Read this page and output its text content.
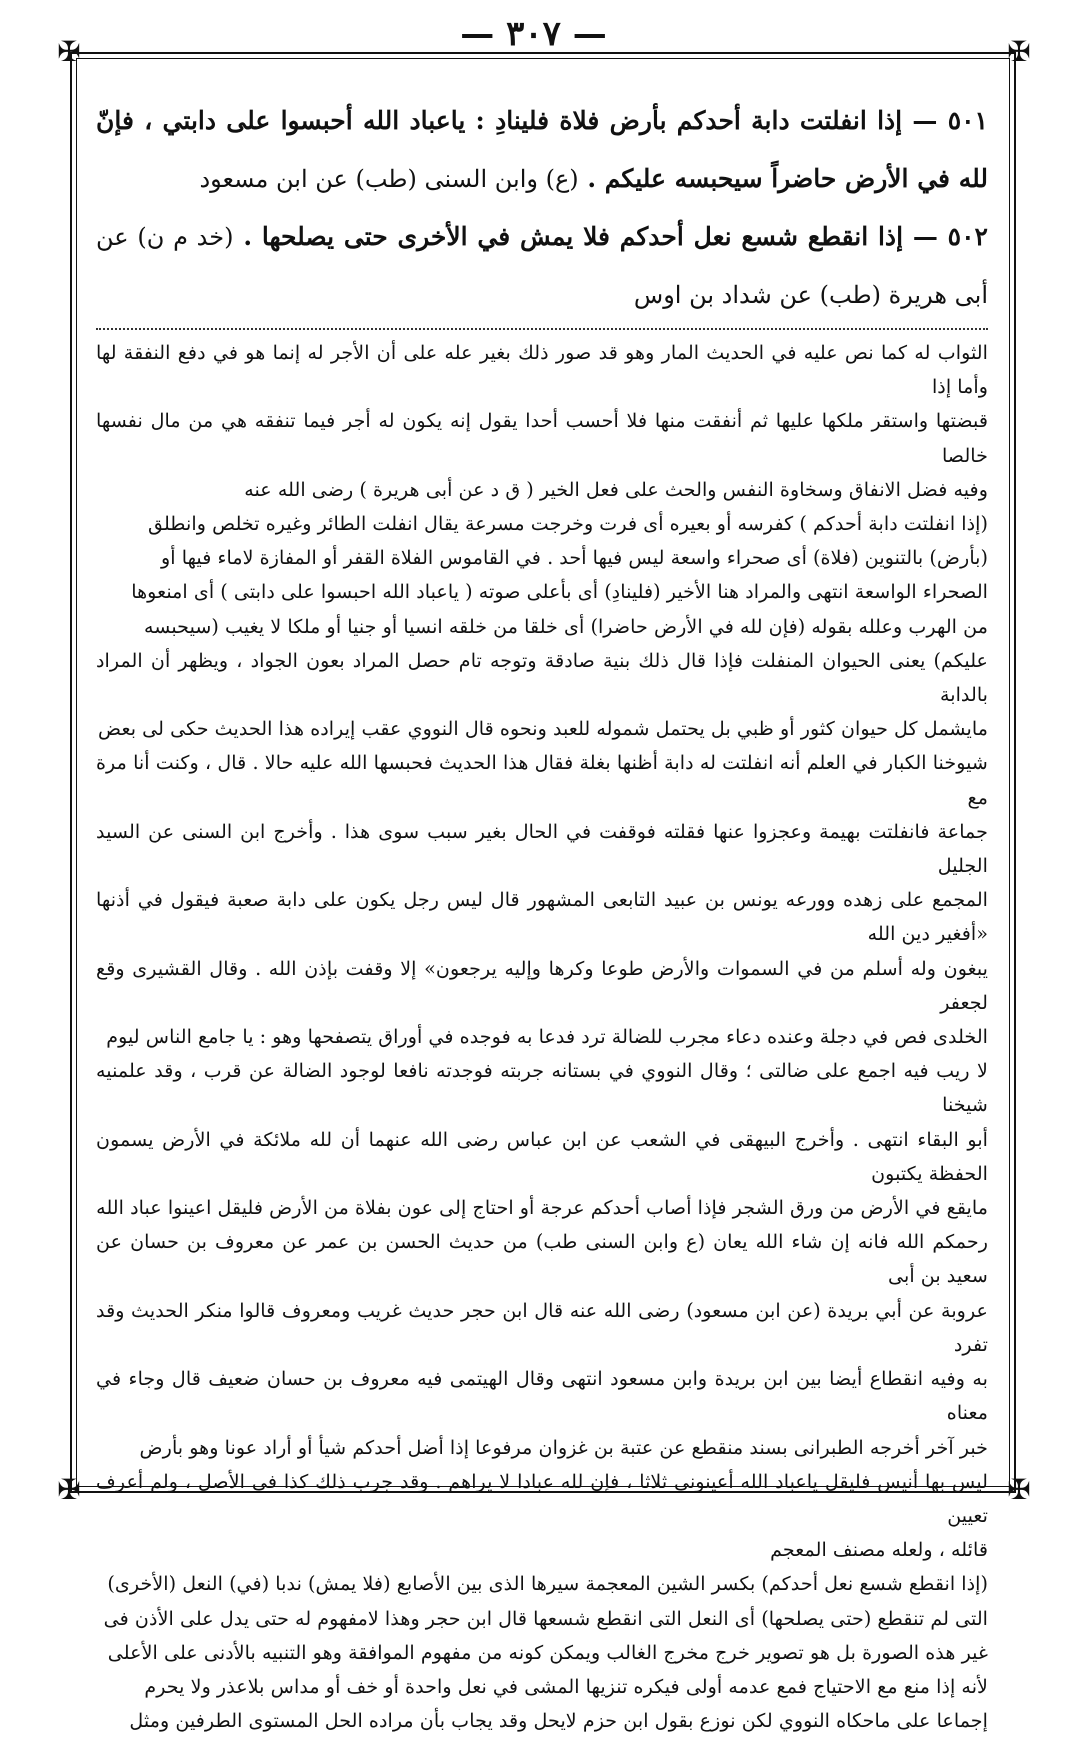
— ٣٠٧ —
✠	✠
✠	✠

٥٠١ — إذا انفلتت دابة أحدكم بأرض فلاة فلينادِ : ياعباد الله أحبسوا على دابتي ، فإنّ لله في الأرض حاضراً سيحبسه عليكم . (ع) وابن السنى (طب) عن ابن مسعود

٥٠٢ — إذا انقطع شسع نعل أحدكم فلا يمش في الأخرى حتى يصلحها . (خد م ن) عن أبى هريرة (طب) عن شداد بن اوس

الثواب له كما نص عليه في الحديث المار وهو قد صور ذلك بغير عله على أن الأجر له إنما هو في دفع النفقة لها وأما إذا

قبضتها واستقر ملكها عليها ثم أنفقت منها فلا أحسب أحدا يقول إنه يكون له أجر فيما تنفقه هي من مال نفسها خالصا

وفيه فضل الانفاق وسخاوة النفس والحث على فعل الخير ( ق د عن أبى هريرة ) رضى الله عنه

(إذا انفلتت دابة أحدكم ) كفرسه أو بعيره أى فرت وخرجت مسرعة يقال انفلت الطائر وغيره تخلص وانطلق

(بأرض) بالتنوين (فلاة) أى صحراء واسعة ليس فيها أحد . في القاموس الفلاة القفر أو المفازة لاماء فيها أو

الصحراء الواسعة انتهى والمراد هنا الأخير (فلينادِ) أى بأعلى صوته ( ياعباد الله احبسوا على دابتى ) أى امنعوها

من الهرب وعلله بقوله (فإن لله في الأرض حاضرا) أى خلقا من خلقه انسيا أو جنيا أو ملكا لا يغيب (سيحبسه

عليكم) يعنى الحيوان المنفلت فإذا قال ذلك بنية صادقة وتوجه تام حصل المراد بعون الجواد ، ويظهر أن المراد بالدابة

مايشمل كل حيوان كثور أو ظبي بل يحتمل شموله للعبد ونحوه قال النووي عقب إيراده هذا الحديث حكى لى بعض

شيوخنا الكبار في العلم أنه انفلتت له دابة أظنها بغلة فقال هذا الحديث فحبسها الله عليه حالا . قال ، وكنت أنا مرة مع

جماعة فانفلتت بهيمة وعجزوا عنها فقلته فوقفت في الحال بغير سبب سوى هذا . وأخرج ابن السنى عن السيد الجليل

المجمع على زهده وورعه يونس بن عبيد التابعى المشهور قال ليس رجل يكون على دابة صعبة فيقول في أذنها «أفغير دين الله

يبغون وله أسلم من في السموات والأرض طوعا وكرها وإليه يرجعون» إلا وقفت بإذن الله . وقال القشيرى وقع لجعفر

الخلدى فص في دجلة وعنده دعاء مجرب للضالة ترد فدعا به فوجده في أوراق يتصفحها وهو : يا جامع الناس ليوم

لا ريب فيه اجمع على ضالتى ؛ وقال النووي في بستانه جربته فوجدته نافعا لوجود الضالة عن قرب ، وقد علمنيه شيخنا

أبو البقاء انتهى . وأخرج البيهقى في الشعب عن ابن عباس رضى الله عنهما أن لله ملائكة في الأرض يسمون الحفظة يكتبون

مايقع في الأرض من ورق الشجر فإذا أصاب أحدكم عرجة أو احتاج إلى عون بفلاة من الأرض فليقل اعينوا عباد الله

رحمكم الله فانه إن شاء الله يعان (ع وابن السنى طب) من حديث الحسن بن عمر عن معروف بن حسان عن سعيد بن أبى

عروبة عن أبي بريدة (عن ابن مسعود) رضى الله عنه قال ابن حجر حديث غريب ومعروف قالوا منكر الحديث وقد تفرد

به وفيه انقطاع أيضا بين ابن بريدة وابن مسعود انتهى وقال الهيتمى فيه معروف بن حسان ضعيف قال وجاء في معناه

خبر آخر أخرجه الطبرانى بسند منقطع عن عتبة بن غزوان مرفوعا إذا أضل أحدكم شيأ أو أراد عونا وهو بأرض

ليس بها أنيس فليقل ياعباد الله أعينونى ثلاثا ، فإن لله عبادا لا يراهم . وقد جرب ذلك كذا في الأصل ، ولم أعرف تعيين

قائله ، ولعله مصنف المعجم

(إذا انقطع شسع نعل أحدكم) بكسر الشين المعجمة سيرها الذى بين الأصابع (فلا يمش) ندبا (في) النعل (الأخرى)

التى لم تنقطع (حتى يصلحها) أى النعل التى انقطع شسعها قال ابن حجر وهذا لامفهوم له حتى يدل على الأذن فى

غير هذه الصورة بل هو تصوير خرج مخرج الغالب ويمكن كونه من مفهوم الموافقة وهو التنبيه بالأدنى على الأعلى

لأنه إذا منع مع الاحتياج فمع عدمه أولى فيكره تنزيها المشى في نعل واحدة أو خف أو مداس بلاعذر ولا يحرم

إجماعا على ماحكاه النووي لكن نوزع بقول ابن حزم لايحل وقد يجاب بأن مراده الحل المستوى الطرفين ومثل
